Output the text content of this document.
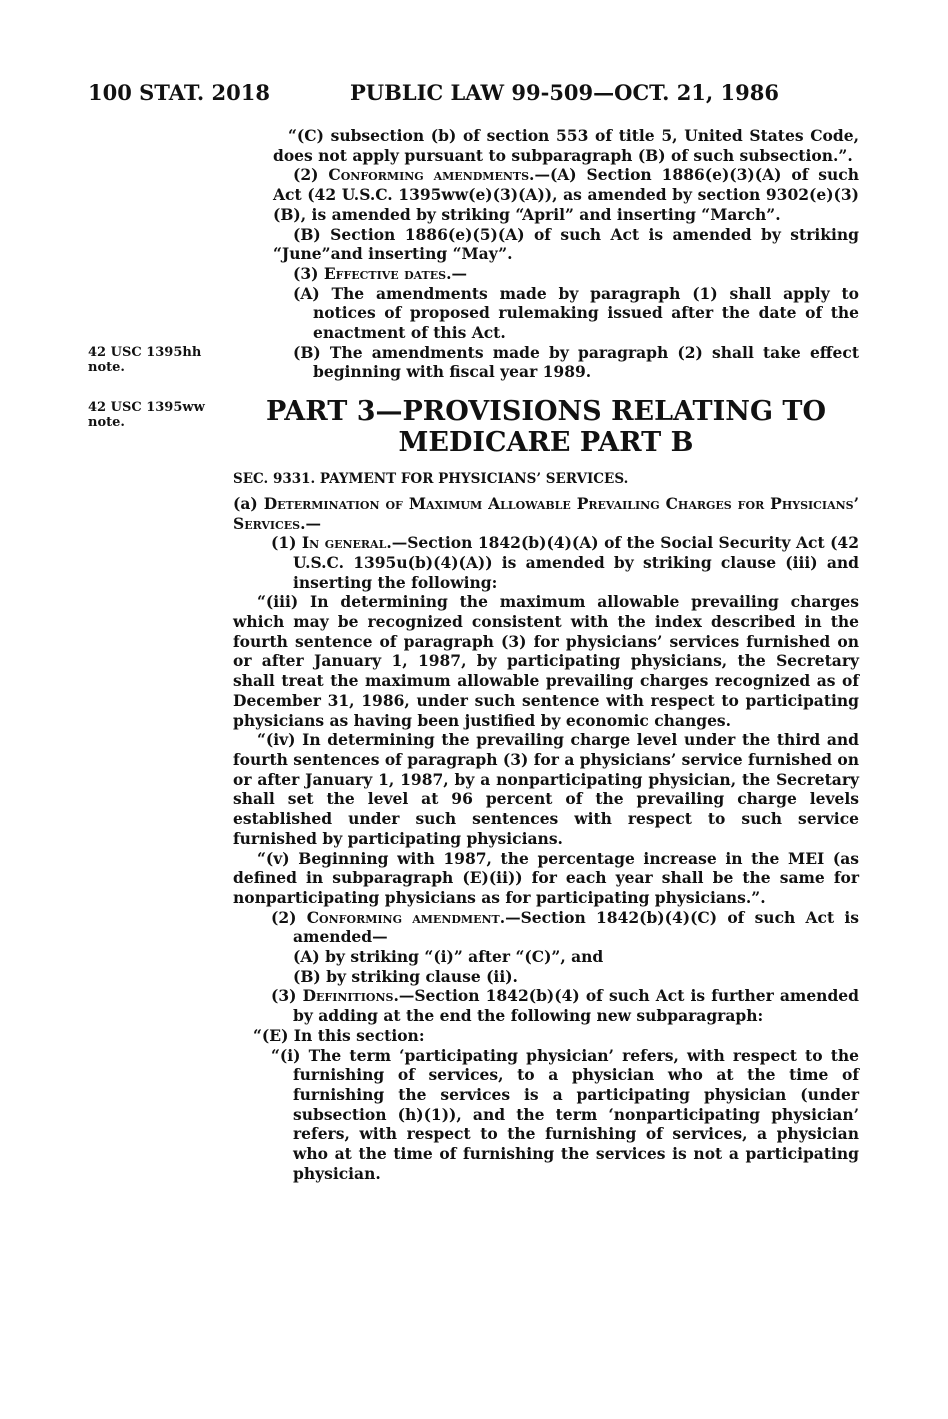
100 STAT. 2018	PUBLIC LAW 99-509—OCT. 21, 1986
42 USC 1395hh note.
42 USC 1395ww note.

“(C) subsection (b) of section 553 of title 5, United States Code, does not apply pursuant to subparagraph (B) of such subsection.”.

(2) Conforming amendments.—(A) Section 1886(e)(3)(A) of such Act (42 U.S.C. 1395ww(e)(3)(A)), as amended by section 9302(e)(3)(B), is amended by striking “April” and inserting “March”.

(B) Section 1886(e)(5)(A) of such Act is amended by striking “June”and inserting “May”.

(3) Effective dates.—

(A) The amendments made by paragraph (1) shall apply to notices of proposed rulemaking issued after the date of the enactment of this Act.

(B) The amendments made by paragraph (2) shall take effect beginning with fiscal year 1989.

PART 3—PROVISIONS RELATING TO MEDICARE PART B

SEC. 9331. PAYMENT FOR PHYSICIANS’ SERVICES.

(a) Determination of Maximum Allowable Prevailing Charges for Physicians’ Services.—

(1) In general.—Section 1842(b)(4)(A) of the Social Security Act (42 U.S.C. 1395u(b)(4)(A)) is amended by striking clause (iii) and inserting the following:

“(iii) In determining the maximum allowable prevailing charges which may be recognized consistent with the index described in the fourth sentence of paragraph (3) for physicians’ services furnished on or after January 1, 1987, by participating physicians, the Secretary shall treat the maximum allowable prevailing charges recognized as of December 31, 1986, under such sentence with respect to participating physicians as having been justified by economic changes.

“(iv) In determining the prevailing charge level under the third and fourth sentences of paragraph (3) for a physicians’ service furnished on or after January 1, 1987, by a nonparticipating physician, the Secretary shall set the level at 96 percent of the prevailing charge levels established under such sentences with respect to such service furnished by participating physicians.

“(v) Beginning with 1987, the percentage increase in the MEI (as defined in subparagraph (E)(ii)) for each year shall be the same for nonparticipating physicians as for participating physicians.”.

(2) Conforming amendment.—Section 1842(b)(4)(C) of such Act is amended—

(A) by striking “(i)” after “(C)”, and

(B) by striking clause (ii).

(3) Definitions.—Section 1842(b)(4) of such Act is further amended by adding at the end the following new subparagraph:

“(E) In this section:

“(i) The term ‘participating physician’ refers, with respect to the furnishing of services, to a physician who at the time of furnishing the services is a participating physician (under subsection (h)(1)), and the term ‘nonparticipating physician’ refers, with respect to the furnishing of services, a physician who at the time of furnishing the services is not a participating physician.
